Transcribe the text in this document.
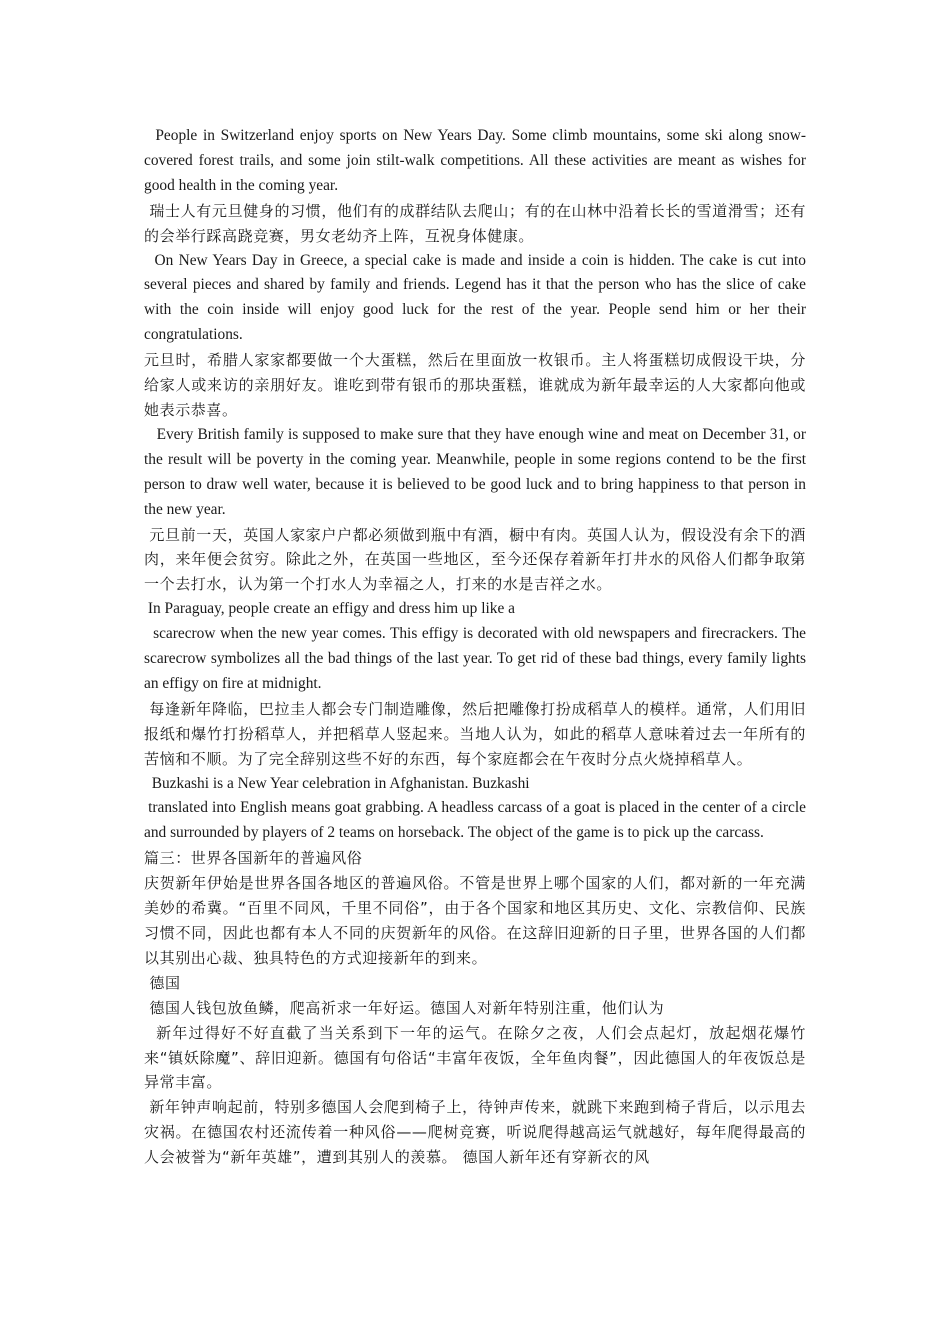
People in Switzerland enjoy sports on New Years Day. Some climb mountains, some ski along snow-covered forest trails, and some join stilt-walk competitions. All these activities are meant as wishes for good health in the coming year.

瑞士人有元旦健身的习惯，他们有的成群结队去爬山；有的在山林中沿着长长的雪道滑雪；还有的会举行踩高跷竞赛，男女老幼齐上阵，互祝身体健康。

On New Years Day in Greece, a special cake is made and inside a coin is hidden. The cake is cut into several pieces and shared by family and friends. Legend has it that the person who has the slice of cake with the coin inside will enjoy good luck for the rest of the year. People send him or her their congratulations.

元旦时，希腊人家家都要做一个大蛋糕，然后在里面放一枚银币。主人将蛋糕切成假设干块，分给家人或来访的亲朋好友。谁吃到带有银币的那块蛋糕，谁就成为新年最幸运的人大家都向他或她表示恭喜。

Every British family is supposed to make sure that they have enough wine and meat on December 31, or the result will be poverty in the coming year. Meanwhile, people in some regions contend to be the first person to draw well water, because it is believed to be good luck and to bring happiness to that person in the new year.

元旦前一天，英国人家家户户都必须做到瓶中有酒，橱中有肉。英国人认为，假设没有余下的酒肉，来年便会贫穷。除此之外，在英国一些地区，至今还保存着新年打井水的风俗人们都争取第一个去打水，认为第一个打水人为幸福之人，打来的水是吉祥之水。

In Paraguay, people create an effigy and dress him up like a

scarecrow when the new year comes. This effigy is decorated with old newspapers and firecrackers. The scarecrow symbolizes all the bad things of the last year. To get rid of these bad things, every family lights an effigy on fire at midnight.

每逢新年降临，巴拉圭人都会专门制造雕像，然后把雕像打扮成稻草人的模样。通常，人们用旧报纸和爆竹打扮稻草人，并把稻草人竖起来。当地人认为，如此的稻草人意味着过去一年所有的苦恼和不顺。为了完全辞别这些不好的东西，每个家庭都会在午夜时分点火烧掉稻草人。

Buzkashi is a New Year celebration in Afghanistan. Buzkashi

translated into English means goat grabbing. A headless carcass of a goat is placed in the center of a circle and surrounded by players of 2 teams on horseback. The object of the game is to pick up the carcass.

篇三：世界各国新年的普遍风俗

庆贺新年伊始是世界各国各地区的普遍风俗。不管是世界上哪个国家的人们，都对新的一年充满美妙的希冀。“百里不同风，千里不同俗”，由于各个国家和地区其历史、文化、宗教信仰、民族习惯不同，因此也都有本人不同的庆贺新年的风俗。在这辞旧迎新的日子里，世界各国的人们都以其别出心裁、独具特色的方式迎接新年的到来。

德国

德国人钱包放鱼鳞，爬高祈求一年好运。德国人对新年特别注重，他们认为

新年过得好不好直截了当关系到下一年的运气。在除夕之夜，人们会点起灯，放起烟花爆竹来“镇妖除魔”、辞旧迎新。德国有句俗话“丰富年夜饭，全年鱼肉餐”，因此德国人的年夜饭总是异常丰富。

新年钟声响起前，特别多德国人会爬到椅子上，待钟声传来，就跳下来跑到椅子背后，以示甩去灾祸。在德国农村还流传着一种风俗——爬树竞赛，听说爬得越高运气就越好，每年爬得最高的人会被誉为“新年英雄”，遭到其别人的羡慕。 德国人新年还有穿新衣的风
